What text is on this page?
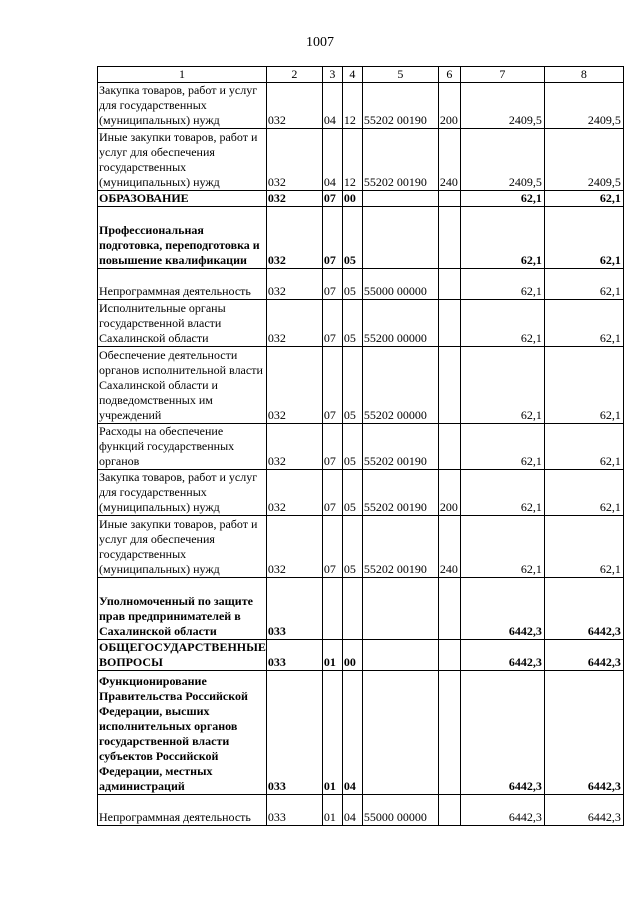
1007
1	2	3	4	5	6	7	8
Закупка товаров, работ и услуг для государственных (муниципальных) нужд	032	04	12	55202 00190	200	2409,5	2409,5
Иные закупки товаров, работ и услуг для обеспечения государственных (муниципальных) нужд	032	04	12	55202 00190	240	2409,5	2409,5
ОБРАЗОВАНИЕ	032	07	00			62,1	62,1
Профессиональная подготовка, переподготовка и повышение квалификации	032	07	05			62,1	62,1
Непрограммная деятельность	032	07	05	55000 00000		62,1	62,1
Исполнительные органы государственной власти Сахалинской области	032	07	05	55200 00000		62,1	62,1
Обеспечение деятельности органов исполнительной власти Сахалинской области и подведомственных им учреждений	032	07	05	55202 00000		62,1	62,1
Расходы на обеспечение функций государственных органов	032	07	05	55202 00190		62,1	62,1
Закупка товаров, работ и услуг для государственных (муниципальных) нужд	032	07	05	55202 00190	200	62,1	62,1
Иные закупки товаров, работ и услуг для обеспечения государственных (муниципальных) нужд	032	07	05	55202 00190	240	62,1	62,1
Уполномоченный по защите прав предпринимателей в Сахалинской области	033					6442,3	6442,3
ОБЩЕГОСУДАРСТВЕННЫЕ ВОПРОСЫ	033	01	00			6442,3	6442,3
Функционирование Правительства Российской Федерации, высших исполнительных органов государственной власти субъектов Российской Федерации, местных администраций	033	01	04			6442,3	6442,3
Непрограммная деятельность	033	01	04	55000 00000		6442,3	6442,3
